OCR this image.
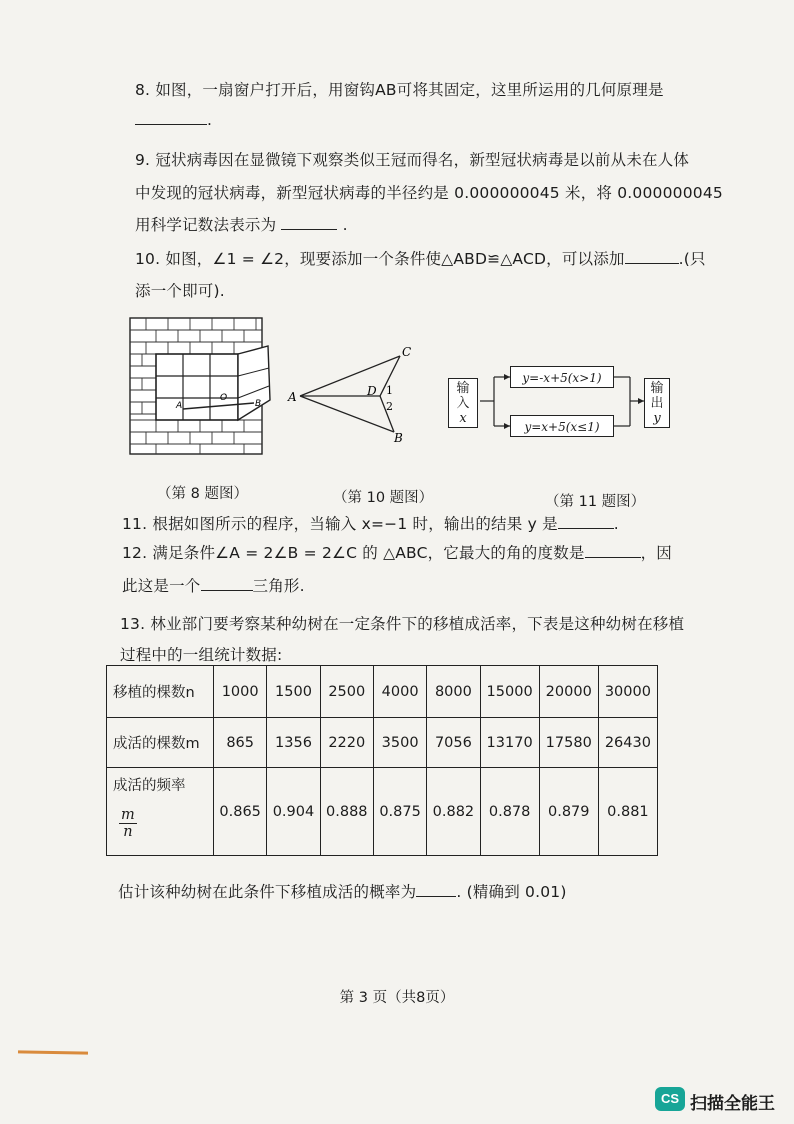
8. 如图，一扇窗户打开后，用窗钩AB可将其固定，这里所运用的几何原理是
.
9. 冠状病毒因在显微镜下观察类似王冠而得名，新型冠状病毒是以前从未在人体
中发现的冠状病毒，新型冠状病毒的半径约是 0.000000045 米，将 0.000000045
用科学记数法表示为	.
10. 如图，∠1 = ∠2，现要添加一个条件使△ABD≌△ACD，可以添加	.(只
添一个即可).
A
O
B
（第 8 题图）
A
C
B
D 1
2
（第 10 题图）
输
入
x
y=-x+5(x>1)
y=x+5(x≤1)
输
出
y
（第 11 题图）
11. 根据如图所示的程序，当输入 x=−1 时，输出的结果 y 是	.
12. 满足条件∠A = 2∠B = 2∠C 的 △ABC，它最大的角的度数是	，因
此这是一个	三角形.
13. 林业部门要考察某种幼树在一定条件下的移植成活率，下表是这种幼树在移植
过程中的一组统计数据:
移植的棵数n	1000	1500	2500	4000	8000	15000	20000	30000
成活的棵数m	865	1356	2220	3500	7056	13170	17580	26430

成活的频率
$\frac{m}{n}$	0.865	0.904	0.888	0.875	0.882	0.878	0.879	0.881
估计该种幼树在此条件下移植成活的概率为	. (精确到 0.01)
第 3 页（共8页）
CS 扫描全能王
